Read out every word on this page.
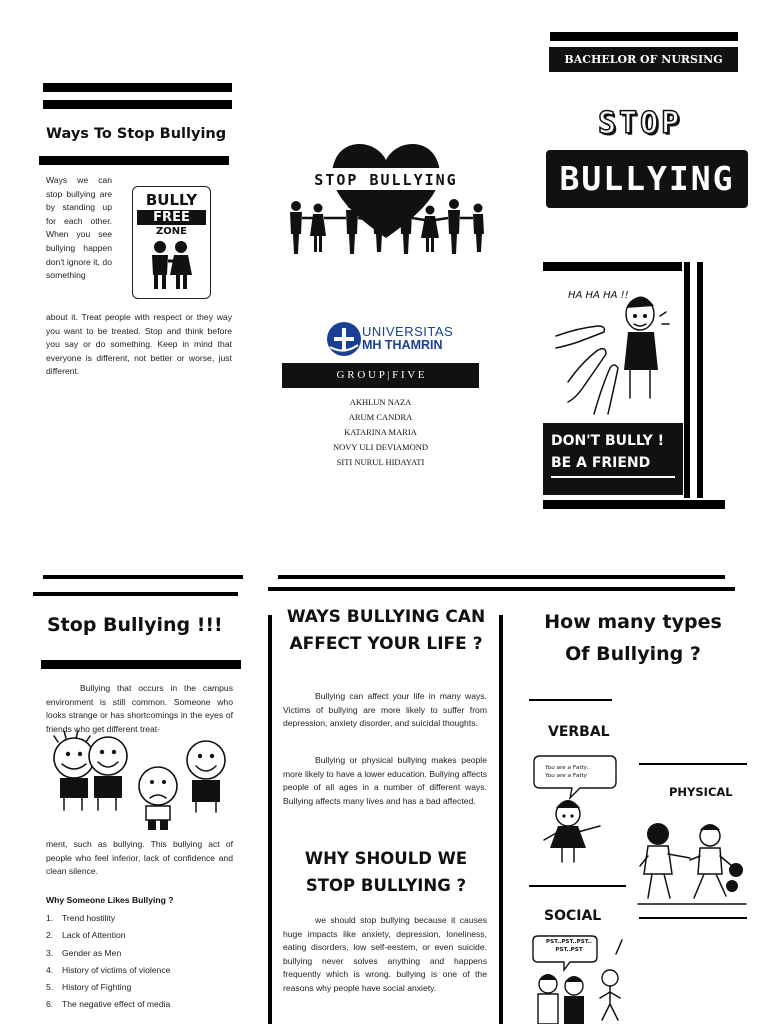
Ways To Stop Bullying
Ways we can stop bullying are by standing up for each other. When you see bullying happen don't ignore it, do something
BULLY
FREE
ZONE
about it. Treat people with respect or they way you want to be treated. Stop and think before you say or do something. Keep in mind that everyone is different, not better or worse, just different.
STOP BULLYING
UNIVERSITAS
MH THAMRIN
G R O U P | F I V E
AKHLUN NAZA
ARUM CANDRA
KATARINA MARIA
NOVY ULI DEVIAMOND
SITI NURUL HIDAYATI
BACHELOR OF NURSING
STOP
BULLYING
HA HA HA !!
DON'T BULLY !
BE A FRIEND
Stop Bullying !!!
Bullying that occurs in the campus environment is still common. Someone who looks strange or has shortcomings in the eyes of friends who get different treat-
ment, such as bullying. This bullying act of people who feel inferior, lack of confidence and clean silence.
Why Someone Likes Bullying ?
1. Trend hostility
2. Lack of Attention
3. Gender as Men
4. History of victims of violence
5. History of Fighting
6. The negative effect of media
WAYS BULLYING CAN
AFFECT YOUR LIFE ?
Bullying can affect your life in many ways. Victims of bullying are more likely to suffer from depression, anxiety disorder, and suicidal thoughts.
Bullying or physical bullying makes people more likely to have a lower education. Bullying affects people of all ages in a number of different ways. Bullying affects many lives and has a bad affected.
WHY SHOULD WE
STOP BULLYING ?
we should stop bullying because it causes huge impacts like anxiety, depression, loneliness, eating disorders, low self-eestem, or even suicide. bullying never solves anything and happens frequently which is wrong. bullying is one of the reasons why people have social anxiety.
How many types
Of Bullying ?
VERBAL
You are a Fatty..
You are a Fatty
PHYSICAL
SOCIAL
PST..PST..PST..
PST..PST
